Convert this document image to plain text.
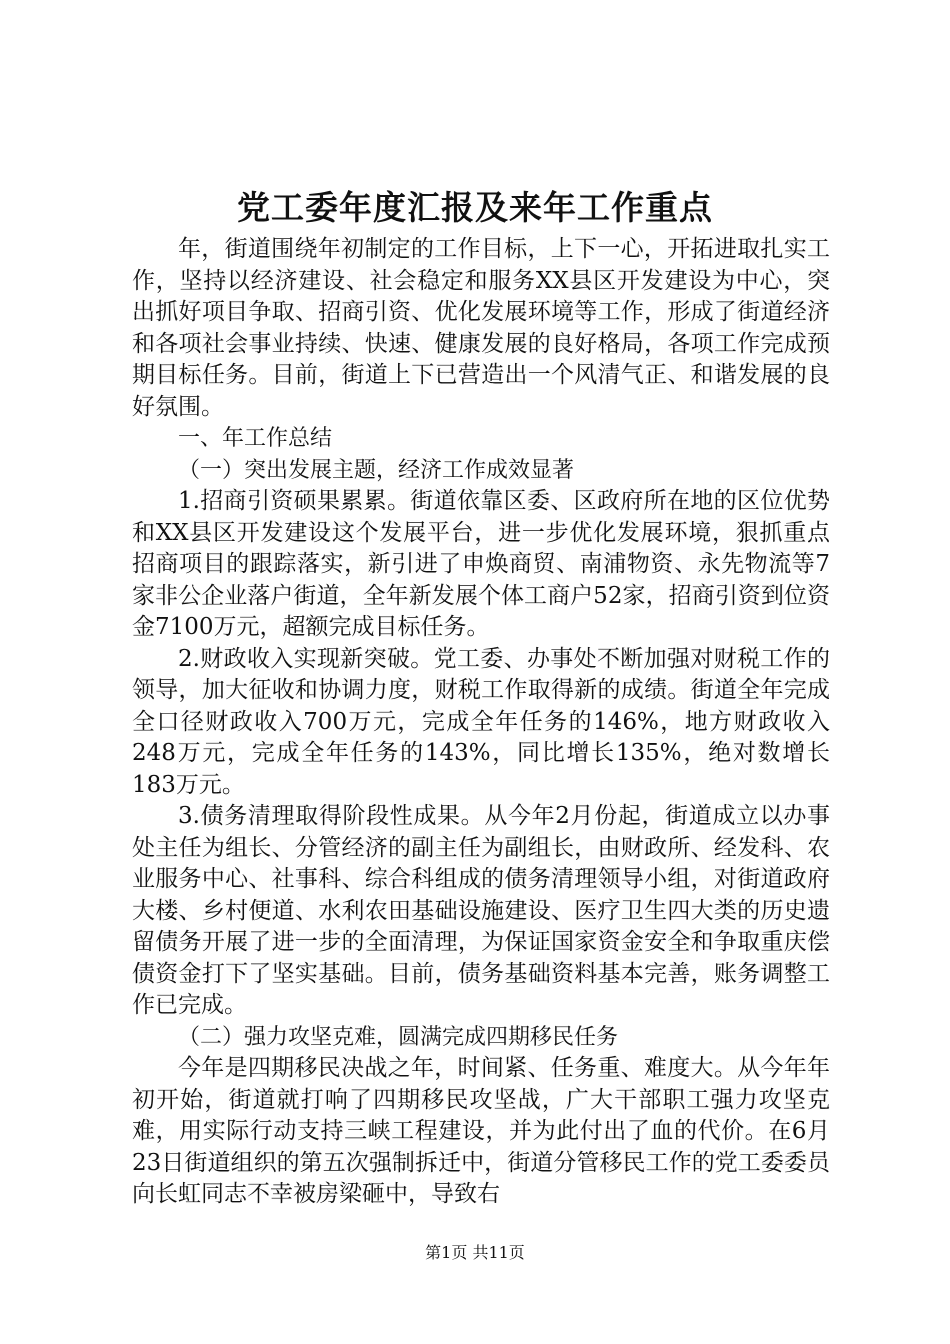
党工委年度汇报及来年工作重点

年，街道围绕年初制定的工作目标，上下一心，开拓进取扎实工作，坚持以经济建设、社会稳定和服务XX县区开发建设为中心，突出抓好项目争取、招商引资、优化发展环境等工作，形成了街道经济和各项社会事业持续、快速、健康发展的良好格局，各项工作完成预期目标任务。目前，街道上下已营造出一个风清气正、和谐发展的良好氛围。

一、年工作总结

（一）突出发展主题，经济工作成效显著

1.招商引资硕果累累。街道依靠区委、区政府所在地的区位优势和XX县区开发建设这个发展平台，进一步优化发展环境，狠抓重点招商项目的跟踪落实，新引进了申焕商贸、南浦物资、永先物流等7家非公企业落户街道，全年新发展个体工商户52家，招商引资到位资金7100万元，超额完成目标任务。

2.财政收入实现新突破。党工委、办事处不断加强对财税工作的领导，加大征收和协调力度，财税工作取得新的成绩。街道全年完成全口径财政收入700万元，完成全年任务的146%，地方财政收入248万元，完成全年任务的143%，同比增长135%，绝对数增长183万元。

3.债务清理取得阶段性成果。从今年2月份起，街道成立以办事处主任为组长、分管经济的副主任为副组长，由财政所、经发科、农业服务中心、社事科、综合科组成的债务清理领导小组，对街道政府大楼、乡村便道、水利农田基础设施建设、医疗卫生四大类的历史遗留债务开展了进一步的全面清理，为保证国家资金安全和争取重庆偿债资金打下了坚实基础。目前，债务基础资料基本完善，账务调整工作已完成。

（二）强力攻坚克难，圆满完成四期移民任务

今年是四期移民决战之年，时间紧、任务重、难度大。从今年年初开始，街道就打响了四期移民攻坚战，广大干部职工强力攻坚克难，用实际行动支持三峡工程建设，并为此付出了血的代价。在6月23日街道组织的第五次强制拆迁中，街道分管移民工作的党工委委员向长虹同志不幸被房梁砸中，导致右

第1页 共11页
